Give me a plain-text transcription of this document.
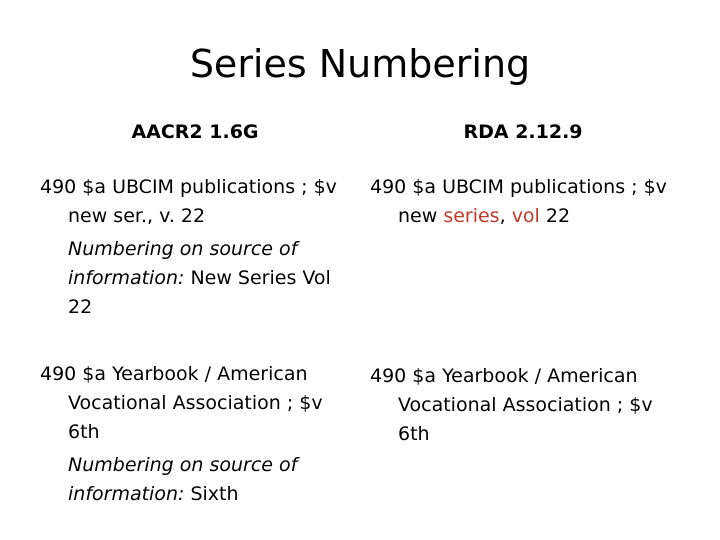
Series Numbering
AACR2 1.6G	RDA 2.12.9
490 $a UBCIM publications ; $v new ser., v. 22
Numbering on source of information: New Series Vol 22
490 $a UBCIM publications ; $v new series, vol 22
490 $a Yearbook / American Vocational Association ; $v 6th
Numbering on source of information: Sixth
490 $a Yearbook / American Vocational Association ; $v 6th
